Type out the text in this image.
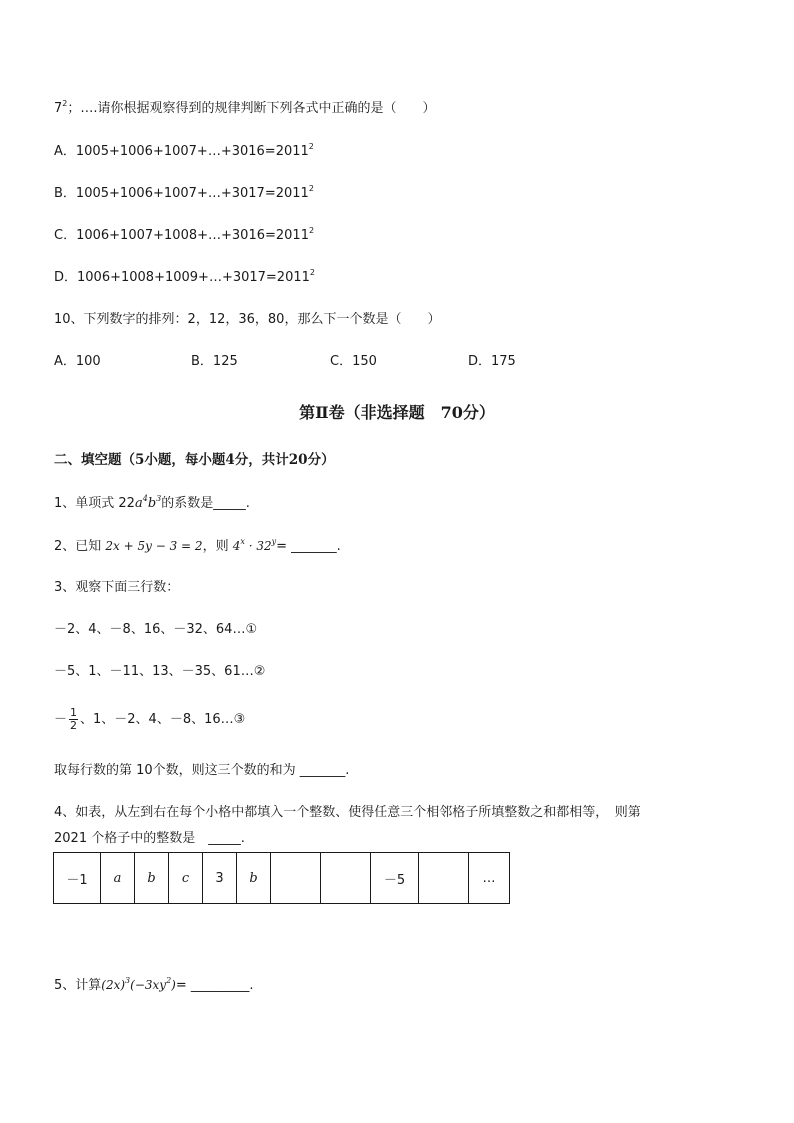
$7^2$；….请你根据观察得到的规律判断下列各式中正确的是（　　）
A．$1005+1006+1007+\dots+3016=2011^2$
B．$1005+1006+1007+\dots+3017=2011^2$
C．$1006+1007+1008+\dots+3016=2011^2$
D．$1006+1008+1009+\dots+3017=2011^2$
10、下列数字的排列：2，12，36，80，那么下一个数是（　　）
A．100	B．125	C．150	D．175
第Ⅱ卷（非选择题　70分）
二、填空题（5小题，每小题4分，共计20分）
1、单项式 $22a^4b^3$的系数是_____.
2、已知 2x + 5y − 3 = 2，则 $4^x \cdot 32^y=$ _______.
3、观察下面三行数：
－2、4、－8、16、－32、64…①
－5、1、－11、13、－35、61…②
－ $\frac{1}{2}$ 、1、－2、4、－8、16…③
取每行数的第 10个数，则这三个数的和为 _______.
4、如表，从左到右在每个小格中都填入一个整数、使得任意三个相邻格子所填整数之和都相等，　则第
2021 个格子中的整数是　_____.
－1	a	b	c	3	b			－5		…
5、计算$(2x)^3(-3xy^2)=$ _________.
